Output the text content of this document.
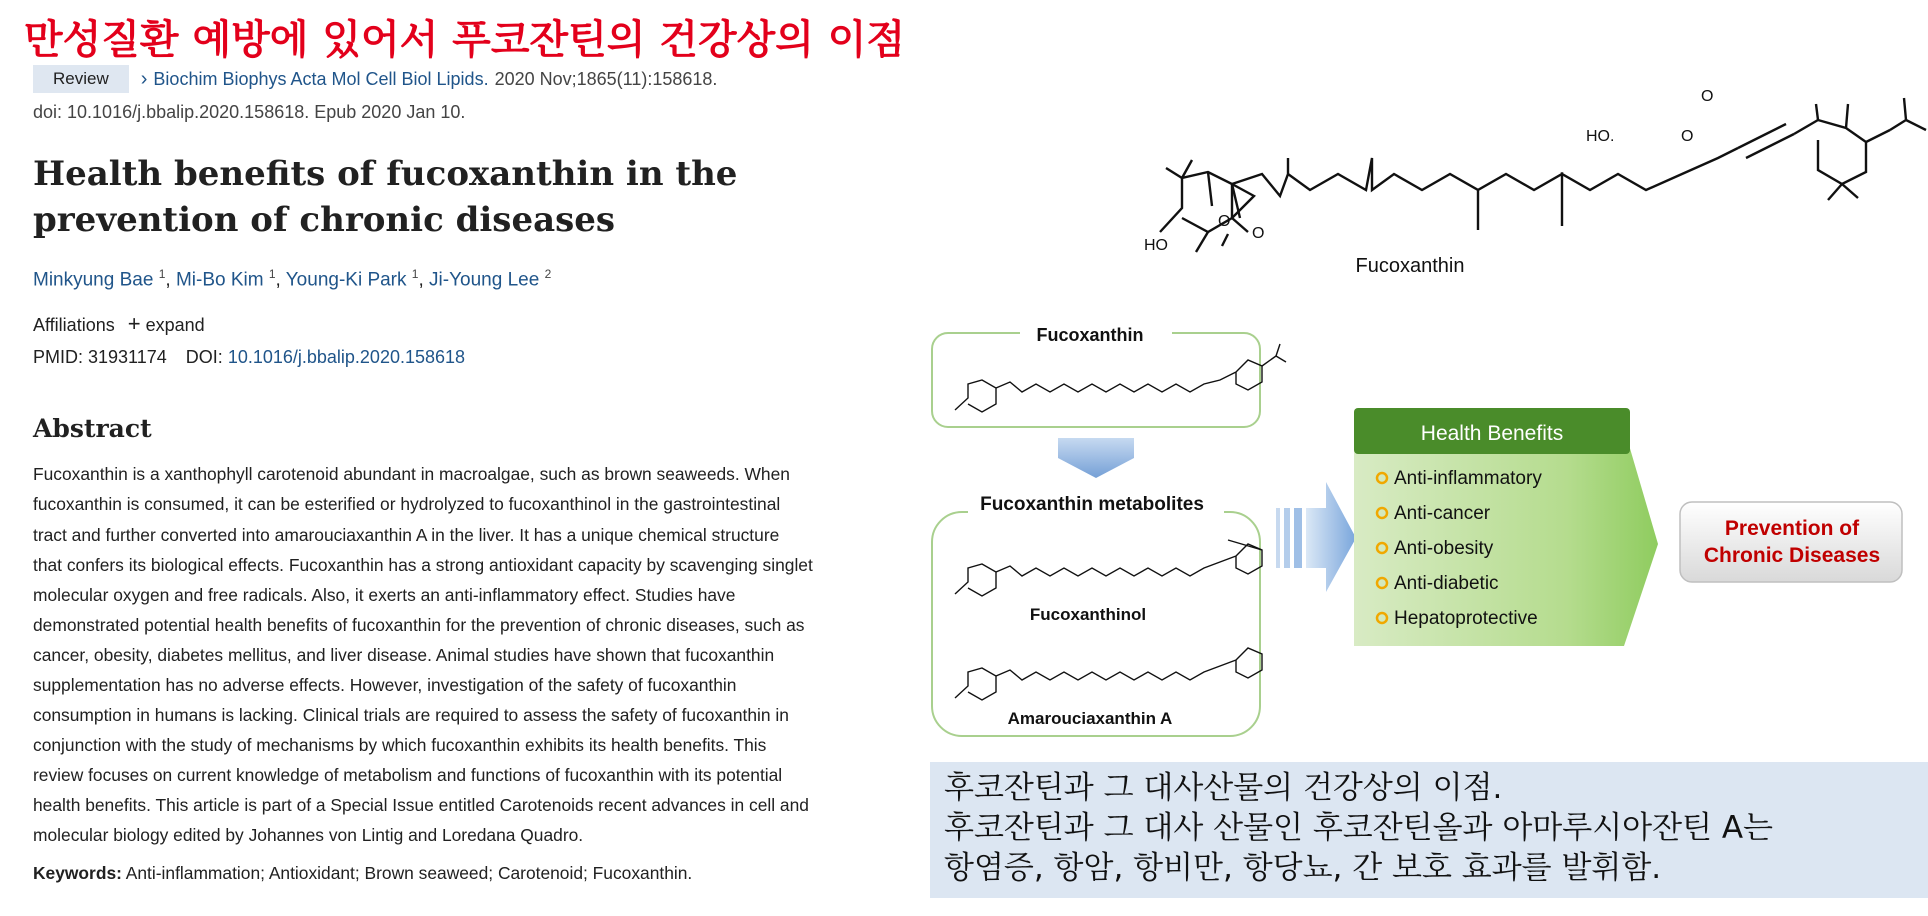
만성질환 예방에 있어서 푸코잔틴의 건강상의 이점
Review	› Biochim Biophys Acta Mol Cell Biol Lipids. 2020 Nov;1865(11):158618.
doi: 10.1016/j.bbalip.2020.158618. Epub 2020 Jan 10.
Health benefits of fucoxanthin in the prevention of chronic diseases
Minkyung Bae $^1$, Mi-Bo Kim $^1$, Young-Ki Park $^1$, Ji-Young Lee $^2$
Affiliations + expand
PMID: 31931174 DOI: 10.1016/j.bbalip.2020.158618
Abstract
Fucoxanthin is a xanthophyll carotenoid abundant in macroalgae, such as brown seaweeds. When
fucoxanthin is consumed, it can be esterified or hydrolyzed to fucoxanthinol in the gastrointestinal
tract and further converted into amarouciaxanthin A in the liver. It has a unique chemical structure
that confers its biological effects. Fucoxanthin has a strong antioxidant capacity by scavenging singlet
molecular oxygen and free radicals. Also, it exerts an anti-inflammatory effect. Studies have
demonstrated potential health benefits of fucoxanthin for the prevention of chronic diseases, such as
cancer, obesity, diabetes mellitus, and liver disease. Animal studies have shown that fucoxanthin
supplementation has no adverse effects. However, investigation of the safety of fucoxanthin
consumption in humans is lacking. Clinical trials are required to assess the safety of fucoxanthin in
conjunction with the study of mechanisms by which fucoxanthin exhibits its health benefits. This
review focuses on current knowledge of metabolism and functions of fucoxanthin with its potential
health benefits. This article is part of a Special Issue entitled Carotenoids recent advances in cell and
molecular biology edited by Johannes von Lintig and Loredana Quadro.
Keywords: Anti-inflammation; Antioxidant; Brown seaweed; Carotenoid; Fucoxanthin.
HO
HO.
O
O
O
O
Fucoxanthin
Fucoxanthin
Fucoxanthin metabolites
Fucoxanthinol
Amarouciaxanthin A
Health Benefits
Anti-inflammatory
Anti-cancer
Anti-obesity
Anti-diabetic
Hepatoprotective
Prevention of
Chronic Diseases
후코잔틴과 그 대사산물의 건강상의 이점.
후코잔틴과 그 대사 산물인 후코잔틴올과 아마루시아잔틴 A는
항염증, 항암, 항비만, 항당뇨, 간 보호 효과를 발휘함.
